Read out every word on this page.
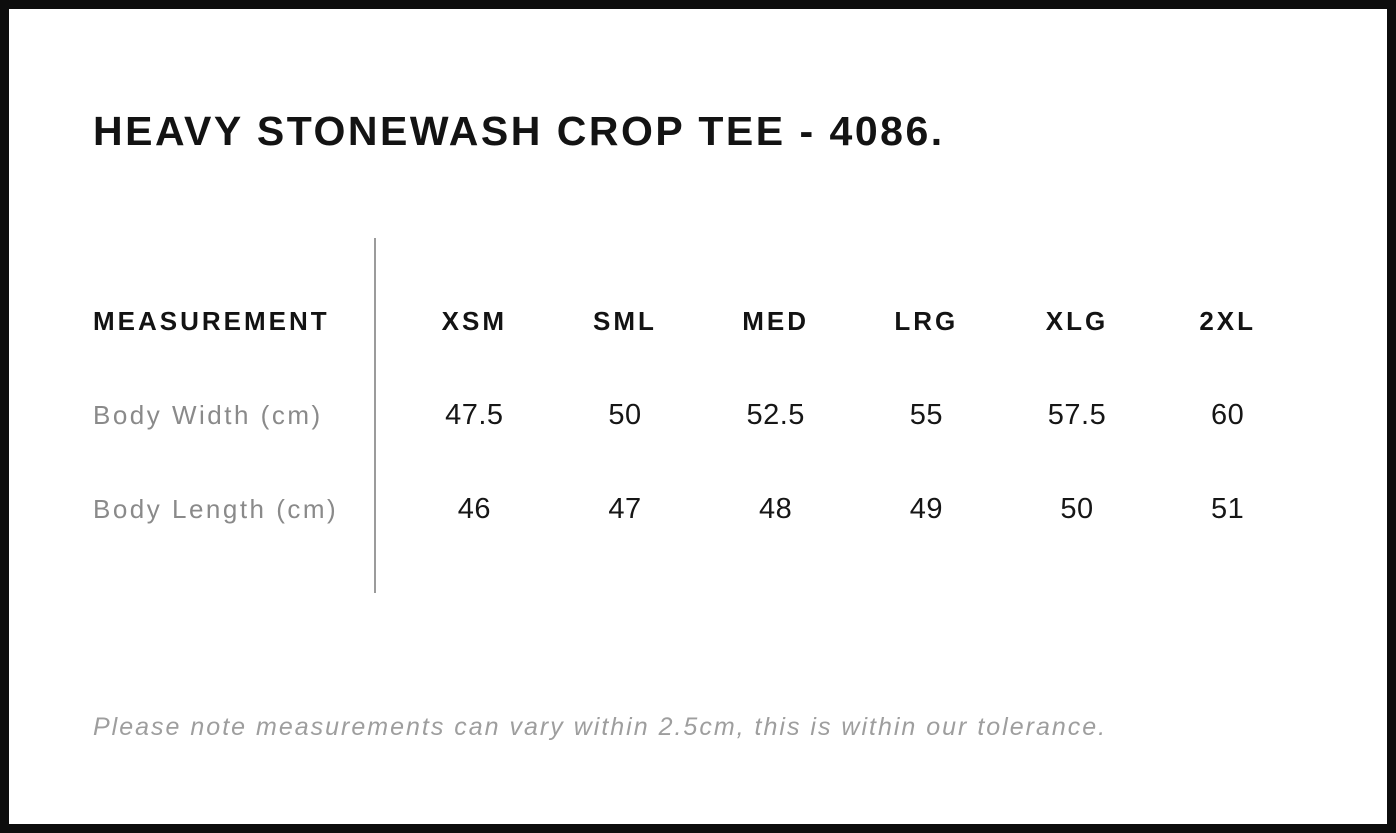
HEAVY STONEWASH CROP TEE - 4086.
MEASUREMENT	XSM	SML	MED	LRG	XLG	2XL
Body Width (cm)	47.5	50	52.5	55	57.5	60
Body Length (cm)	46	47	48	49	50	51

Please note measurements can vary within 2.5cm, this is within our tolerance.
